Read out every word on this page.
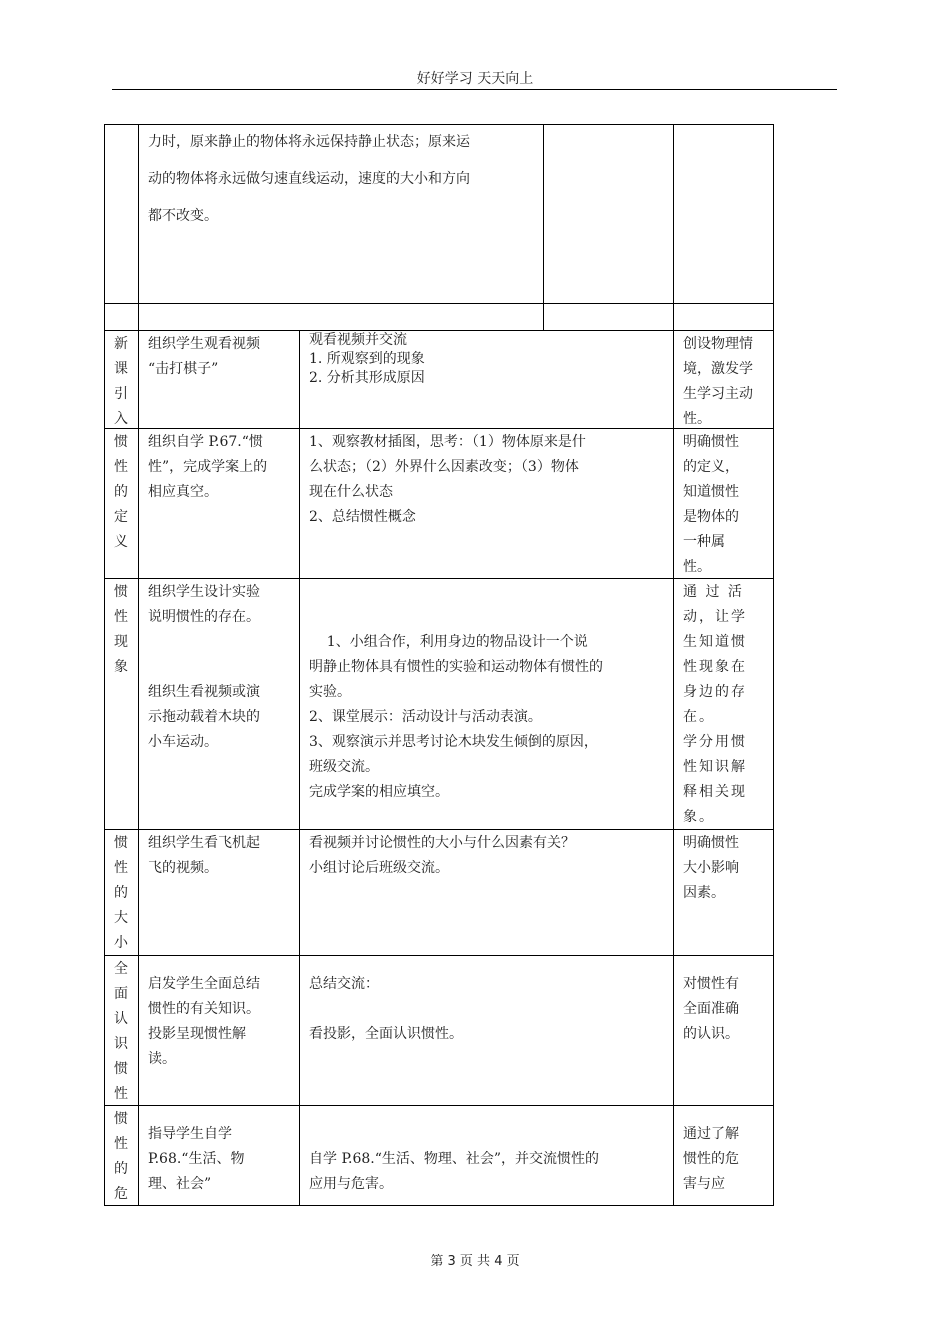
好好学习 天天向上
力时，原来静止的物体将永远保持静止状态；原来运
动的物体将永远做匀速直线运动，速度的大小和方向
都不改变。
新
课
引
入
组织学生观看视频
“击打棋子”
观看视频并交流
1. 所观察到的现象
2. 分析其形成原因
创设物理情
境，激发学
生学习主动
性。
惯
性
的
定
义
组织自学 P.67.“惯
性”，完成学案上的
相应真空。
1、观察教材插图，思考：（1）物体原来是什
么状态；（2）外界什么因素改变；（3）物体
现在什么状态
2、总结惯性概念
明确惯性
的定义，
知道惯性
是物体的
一种属
性。
惯
性
现
象
组织学生设计实验
说明惯性的存在。
组织生看视频或演
示拖动载着木块的
小车运动。

1、小组合作，利用身边的物品设计一个说
明静止物体具有惯性的实验和运动物体有惯性的
实验。
2、课堂展示：活动设计与活动表演。
3、观察演示并思考讨论木块发生倾倒的原因，
班级交流。
完成学案的相应填空。

通 过 活
动，让学
生知道惯
性现象在
身边的存
在。
学分用惯
性知识解
释相关现
象。
惯
性
的
大
小
组织学生看飞机起
飞的视频。
看视频并讨论惯性的大小与什么因素有关？
小组讨论后班级交流。
明确惯性
大小影响
因素。
全
面
认
识
惯
性
启发学生全面总结
惯性的有关知识。
投影呈现惯性解
读。
总结交流：
看投影，全面认识惯性。
对惯性有
全面准确
的认识。
惯
性
的
危
指导学生自学
P.68.“生活、物
理、社会”
自学 P.68.“生活、物理、社会”，并交流惯性的
应用与危害。
通过了解
惯性的危
害与应
第 3 页 共 4 页
